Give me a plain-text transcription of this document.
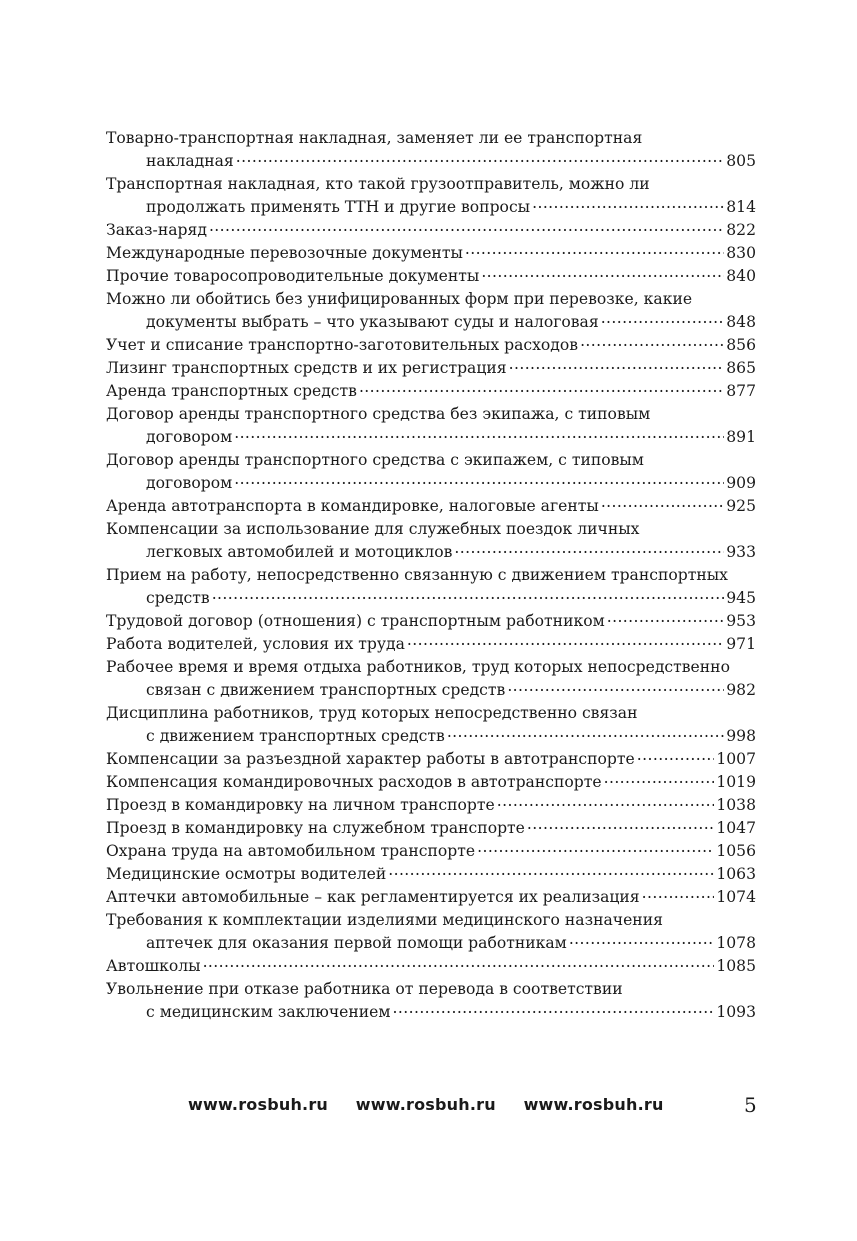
Товарно-транспортная накладная, заменяет ли ее транспортная
накладная .....	805
Транспортная накладная, кто такой грузоотправитель, можно ли
продолжать применять ТТН и другие вопросы .....	814
Заказ-наряд .....	822
Международные перевозочные документы .....	830
Прочие товаросопроводительные документы .....	840
Можно ли обойтись без унифицированных форм при перевозке, какие
документы выбрать – что указывают суды и налоговая .....	848
Учет и списание транспортно-заготовительных расходов .....	856
Лизинг транспортных средств и их регистрация .....	865
Аренда транспортных средств .....	877
Договор аренды транспортного средства без экипажа, с типовым
договором .....	891
Договор аренды транспортного средства с экипажем, с типовым
договором .....	909
Аренда автотранспорта в командировке, налоговые агенты .....	925
Компенсации за использование для служебных поездок личных
легковых автомобилей и мотоциклов .....	933
Прием на работу, непосредственно связанную с движением транспортных
средств .....	945
Трудовой договор (отношения) с транспортным работником .....	953
Работа водителей, условия их труда .....	971
Рабочее время и время отдыха работников, труд которых непосредственно
связан с движением транспортных средств .....	982
Дисциплина работников, труд которых непосредственно связан
с движением транспортных средств .....	998
Компенсации за разъездной характер работы в автотранспорте .....	1007
Компенсация командировочных расходов в автотранспорте .....	1019
Проезд в командировку на личном транспорте .....	1038
Проезд в командировку на служебном транспорте .....	1047
Охрана труда на автомобильном транспорте .....	1056
Медицинские осмотры водителей .....	1063
Аптечки автомобильные – как регламентируется их реализация .....	1074
Требования к комплектации изделиями медицинского назначения
аптечек для оказания первой помощи работникам .....	1078
Автошколы .....	1085
Увольнение при отказе работника от перевода в соответствии
с медицинским заключением .....	1093
www.rosbuh.ru www.rosbuh.ru www.rosbuh.ru	5
